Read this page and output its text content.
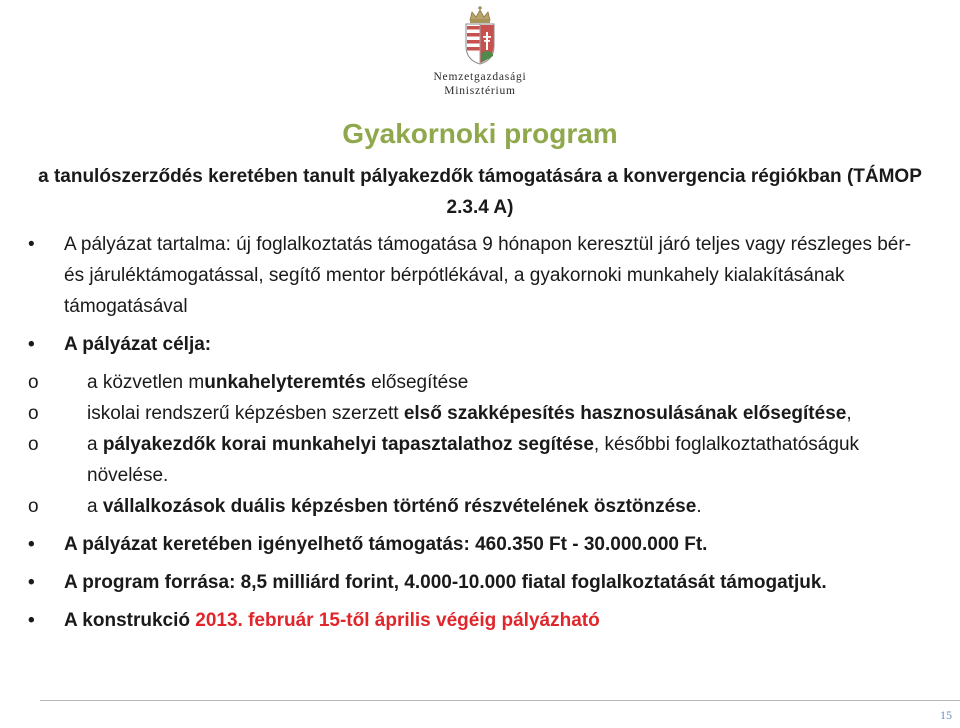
Nemzetgazdasági
Minisztérium
Gyakornoki program
a tanulószerződés keretében tanult pályakezdők támogatására a konvergencia régiókban (TÁMOP 2.3.4 A)
• A pályázat tartalma: új foglalkoztatás támogatása 9 hónapon keresztül járó teljes vagy részleges bér- és járuléktámogatással, segítő mentor bérpótlékával, a gyakornoki munkahely kialakításának támogatásával
• A pályázat célja:
o a közvetlen munkahelyteremtés elősegítése
o iskolai rendszerű képzésben szerzett első szakképesítés hasznosulásának elősegítése,
o a pályakezdők korai munkahelyi tapasztalathoz segítése, későbbi foglalkoztathatóságuk növelése.
o a vállalkozások duális képzésben történő részvételének ösztönzése.
• A pályázat keretében igényelhető támogatás: 460.350 Ft - 30.000.000 Ft.
• A program forrása: 8,5 milliárd forint, 4.000-10.000 fiatal foglalkoztatását támogatjuk.
• A konstrukció 2013. február 15-től április végéig pályázható
15
